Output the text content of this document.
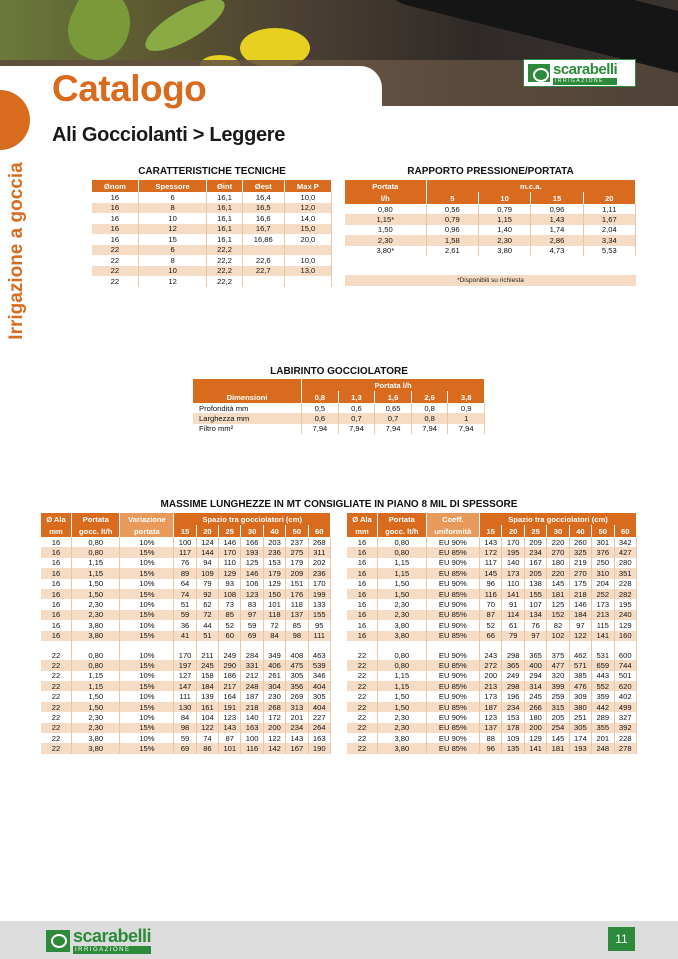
scarabelli
IRRIGAZIONE
Catalogo
Ali Gocciolanti > Leggere
Irrigazione a goccia	CARATTERISTICHE TECNICHE
Ønom	Spessore	Øint	Øest	Max P
16	6	16,1	16,4	10,0
16	8	16,1	16,5	12,0
16	10	16,1	16,6	14,0
16	12	16,1	16,7	15,0
16	15	16,1	16,86	20,0
22	6	22,2		
22	8	22,2	22,6	10,0
22	10	22,2	22,7	13,0
22	12	22,2		
RAPPORTO PRESSIONE/PORTATA
Portata	m.c.a.			
l/h	5	10	15	20
0,80	0,56	0,79	0,96	1,11
1,15*	0,79	1,15	1,43	1,67
1,50	0,96	1,40	1,74	2,04
2,30	1,58	2,30	2,86	3,34
3,80*	2,61	3,80	4,73	5,53
*Disponibili su richiesta
LABIRINTO GOCCIOLATORE
	Portata l/h				
Dimensioni	0,8	1,3	1,6	2,6	3,8
Profondità mm	0,5	0,6	0,65	0,8	0,9
Larghezza mm	0,6	0,7	0,7	0,8	1
Filtro mm²	7,94	7,94	7,94	7,94	7,94
MASSIME LUNGHEZZE IN MT CONSIGLIATE IN PIANO 8 MIL DI SPESSORE
Ø Ala	Portata	Variazione	Spazio tra gocciolatori (cm)						
mm	gocc. lt/h	portata	15	20	25	30	40	50	60
16	0,80	10%	100	124	146	166	203	237	268
16	0,80	15%	117	144	170	193	236	275	311
16	1,15	10%	76	94	110	125	153	179	202
16	1,15	15%	89	109	129	146	179	209	236
16	1,50	10%	64	79	93	106	129	151	170
16	1,50	15%	74	92	108	123	150	176	199
16	2,30	10%	51	62	73	83	101	118	133
16	2,30	15%	59	72	85	97	118	137	155
16	3,80	10%	36	44	52	59	72	85	95
16	3,80	15%	41	51	60	69	84	98	111

22	0,80	10%	170	211	249	284	349	408	463
22	0,80	15%	197	245	290	331	406	475	539
22	1,15	10%	127	158	186	212	261	305	346
22	1,15	15%	147	184	217	248	304	356	404
22	1,50	10%	111	139	164	187	230	269	305
22	1,50	15%	130	161	191	218	268	313	404
22	2,30	10%	84	104	123	140	172	201	227
22	2,30	15%	98	122	143	163	200	234	264
22	3,80	10%	59	74	87	100	122	143	163
22	3,80	15%	69	86	101	116	142	167	190
Ø Ala	Portata	Coeff.	Spazio tra gocciolatori (cm)						
mm	gocc. lt/h	uniformità	15	20	25	30	40	50	60
16	0,80	EU 90%	143	170	209	220	260	301	342
16	0,80	EU 85%	172	195	234	270	325	376	427
16	1,15	EU 90%	117	140	167	180	219	250	280
16	1,15	EU 85%	145	173	205	220	270	310	351
16	1,50	EU 90%	96	110	138	145	175	204	228
16	1,50	EU 85%	116	141	155	181	218	252	282
16	2,30	EU 90%	70	91	107	125	146	173	195
16	2,30	EU 85%	87	114	134	152	184	213	240
16	3,80	EU 90%	52	61	76	82	97	115	129
16	3,80	EU 85%	66	79	97	102	122	141	160

22	0,80	EU 90%	243	298	365	375	462	531	600
22	0,80	EU 85%	272	365	400	477	571	659	744
22	1,15	EU 90%	200	249	294	320	385	443	501
22	1,15	EU 85%	213	298	314	399	476	552	620
22	1,50	EU 90%	173	196	245	259	309	359	402
22	1,50	EU 85%	187	234	266	315	380	442	499
22	2,30	EU 90%	123	153	180	205	251	289	327
22	2,30	EU 85%	137	178	200	254	305	355	392
22	3,80	EU 90%	88	109	129	145	174	201	228
22	3,80	EU 85%	96	135	141	181	193	248	278
scarabelli
IRRIGAZIONE
11
